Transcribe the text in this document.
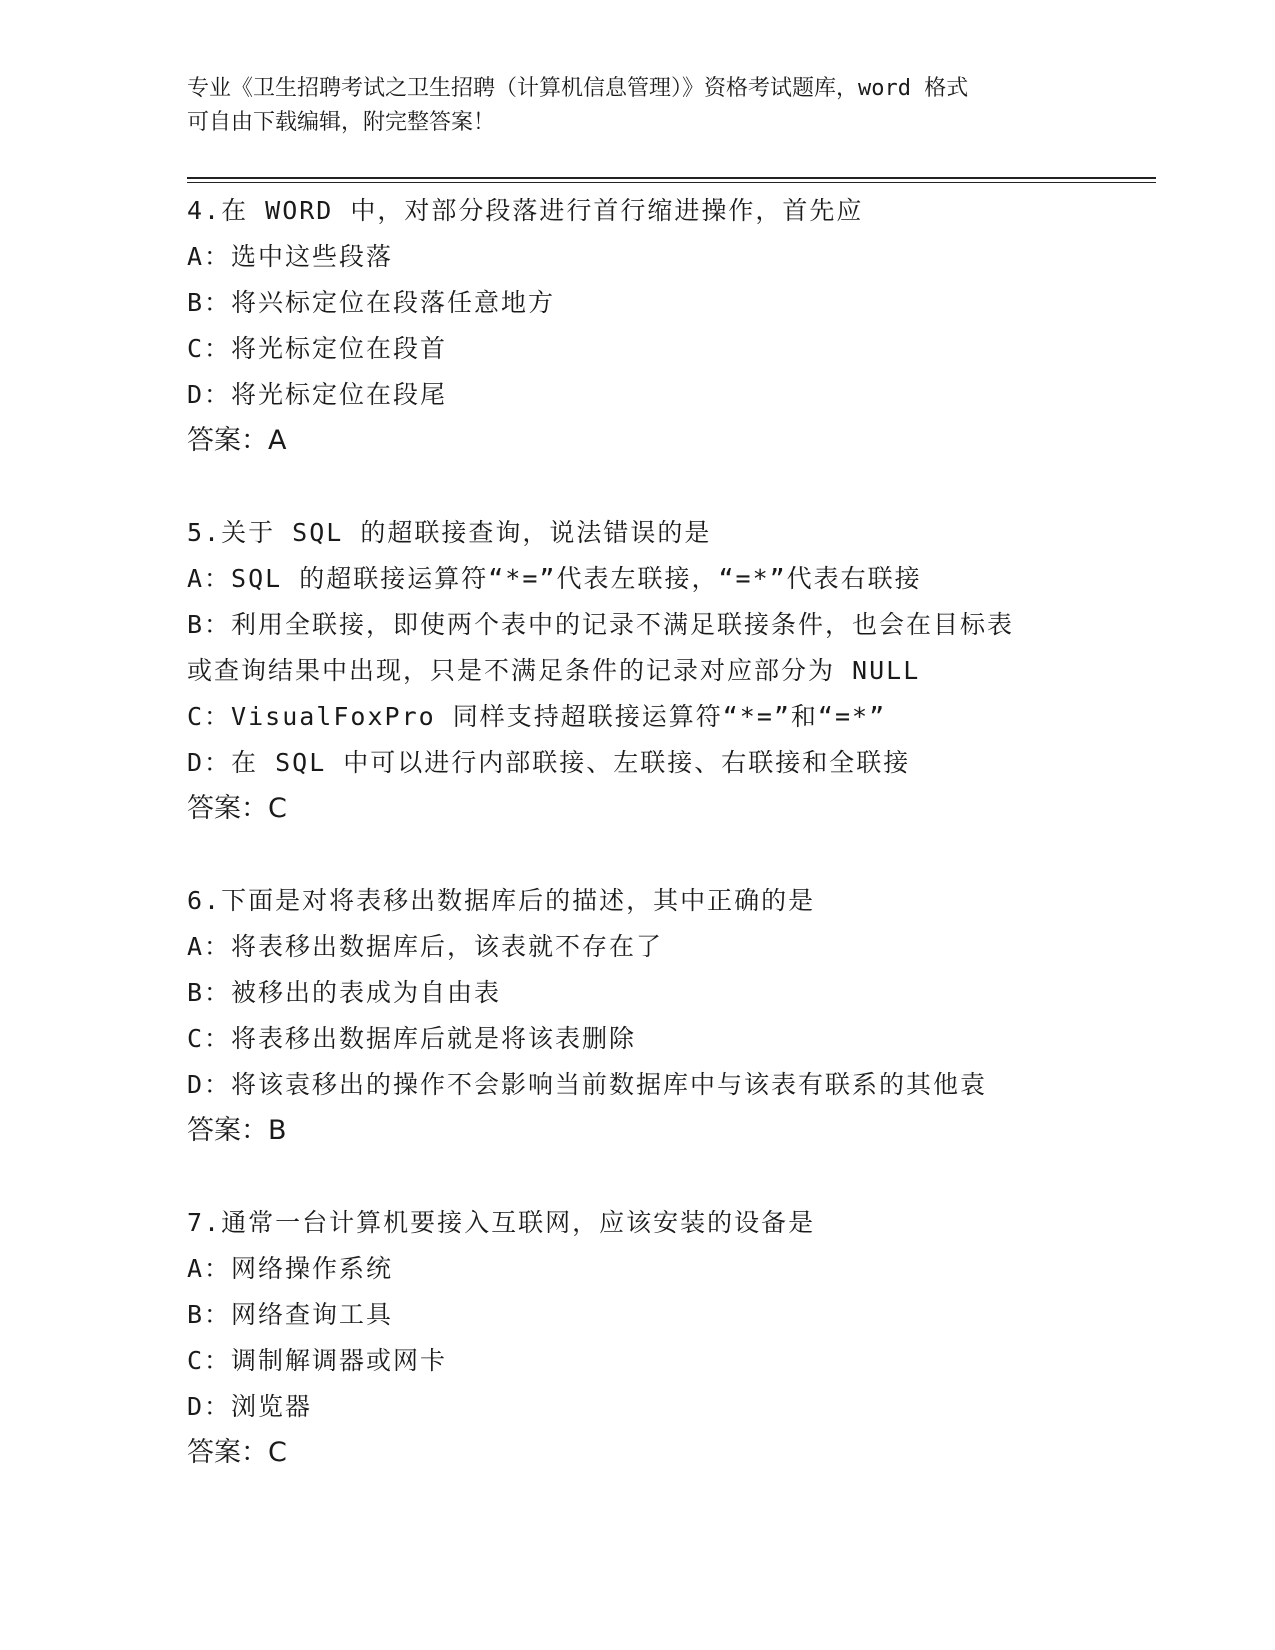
专业《卫生招聘考试之卫生招聘（计算机信息管理）》资格考试题库，word 格式

可自由下载编辑，附完整答案！

4.在 WORD 中，对部分段落进行首行缩进操作，首先应

A：选中这些段落

B：将兴标定位在段落任意地方

C：将光标定位在段首

D：将光标定位在段尾

答案：A

5.关于 SQL 的超联接查询，说法错误的是

A：SQL 的超联接运算符“*=”代表左联接，“=*”代表右联接

B：利用全联接，即使两个表中的记录不满足联接条件，也会在目标表

或查询结果中出现，只是不满足条件的记录对应部分为 NULL

C：VisualFoxPro 同样支持超联接运算符“*=”和“=*”

D：在 SQL 中可以进行内部联接、左联接、右联接和全联接

答案：C

6.下面是对将表移出数据库后的描述，其中正确的是

A：将表移出数据库后，该表就不存在了

B：被移出的表成为自由表

C：将表移出数据库后就是将该表删除

D：将该袁移出的操作不会影响当前数据库中与该表有联系的其他袁

答案：B

7.通常一台计算机要接入互联网，应该安装的设备是

A：网络操作系统

B：网络查询工具

C：调制解调器或网卡

D：浏览器

答案：C
